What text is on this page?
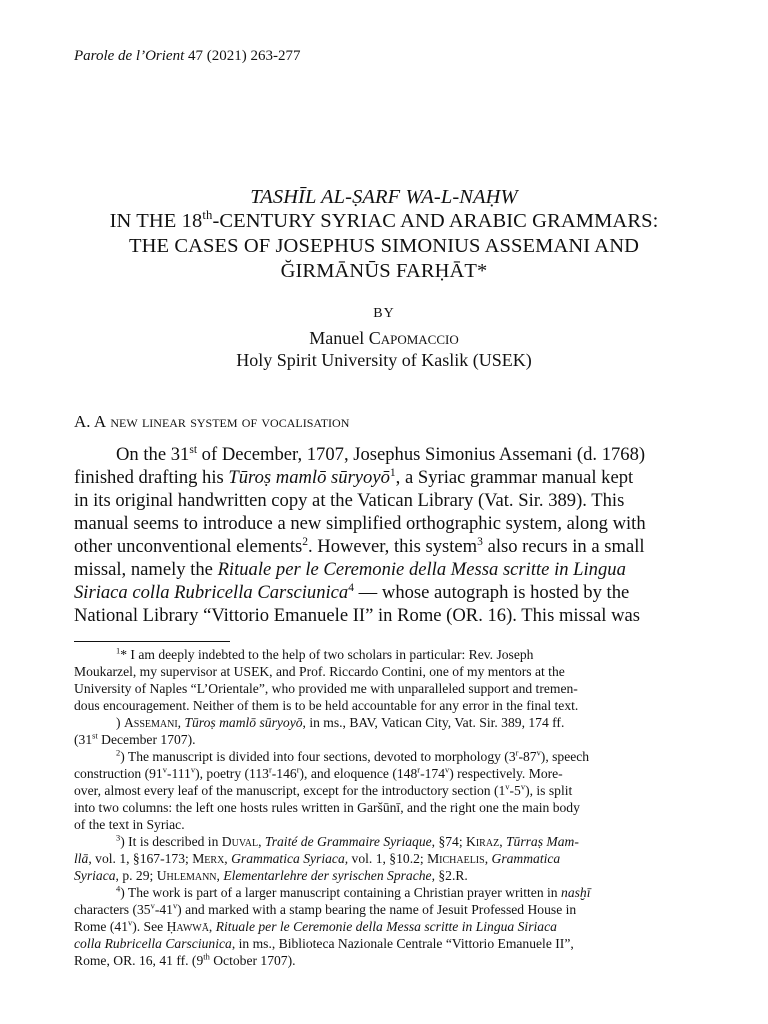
Parole de l’Orient 47 (2021) 263-277

TASHĪL AL-ṢARF WA-L-NAḤW

IN THE 18th-CENTURY SYRIAC AND ARABIC GRAMMARS:

THE CASES OF JOSEPHUS SIMONIUS ASSEMANI AND

ĞIRMĀNŪS FARḤĀT*

BY

Manuel Capomaccio

Holy Spirit University of Kaslik (USEK)

A. A new linear system of vocalisation

On the 31st of December, 1707, Josephus Simonius Assemani (d. 1768)

finished drafting his Tūroṣ mamlō sūryoyō$^1$, a Syriac grammar manual kept

in its original handwritten copy at the Vatican Library (Vat. Sir. 389). This

manual seems to introduce a new simplified orthographic system, along with

other unconventional elements$^2$. However, this system$^3$ also recurs in a small

missal, namely the Rituale per le Ceremonie della Messa scritte in Lingua

Siriaca colla Rubricella Carsciunica$^4$ — whose autograph is hosted by the

National Library “Vittorio Emanuele II” in Rome (OR. 16). This missal was

$^1$* I am deeply indebted to the help of two scholars in particular: Rev. Joseph

Moukarzel, my supervisor at USEK, and Prof. Riccardo Contini, one of my mentors at the

University of Naples “L’Orientale”, who provided me with unparalleled support and tremen-

dous encouragement. Neither of them is to be held accountable for any error in the final text.

) Assemani, Tūroṣ mamlō sūryoyō, in ms., BAV, Vatican City, Vat. Sir. 389, 174 ff.

(31st December 1707).

$^2$) The manuscript is divided into four sections, devoted to morphology (3$^r$-87$^v$), speech

construction (91$^v$-111$^v$), poetry (113$^r$-146$^r$), and eloquence (148$^r$-174$^v$) respectively. More-

over, almost every leaf of the manuscript, except for the introductory section (1$^v$-5$^v$), is split

into two columns: the left one hosts rules written in Garšūnī, and the right one the main body

of the text in Syriac.

$^3$) It is described in Duval, Traité de Grammaire Syriaque, §74; Kiraz, Tūrraṣ Mam-

llā, vol. 1, §167-173; Merx, Grammatica Syriaca, vol. 1, §10.2; Michaelis, Grammatica

Syriaca, p. 29; Uhlemann, Elementarlehre der syrischen Sprache, §2.R.

$^4$) The work is part of a larger manuscript containing a Christian prayer written in nasḫī

characters (35$^v$-41$^v$) and marked with a stamp bearing the name of Jesuit Professed House in

Rome (41$^v$). See Ḥawwā, Rituale per le Ceremonie della Messa scritte in Lingua Siriaca

colla Rubricella Carsciunica, in ms., Biblioteca Nazionale Centrale “Vittorio Emanuele II”,

Rome, OR. 16, 41 ff. (9th October 1707).
